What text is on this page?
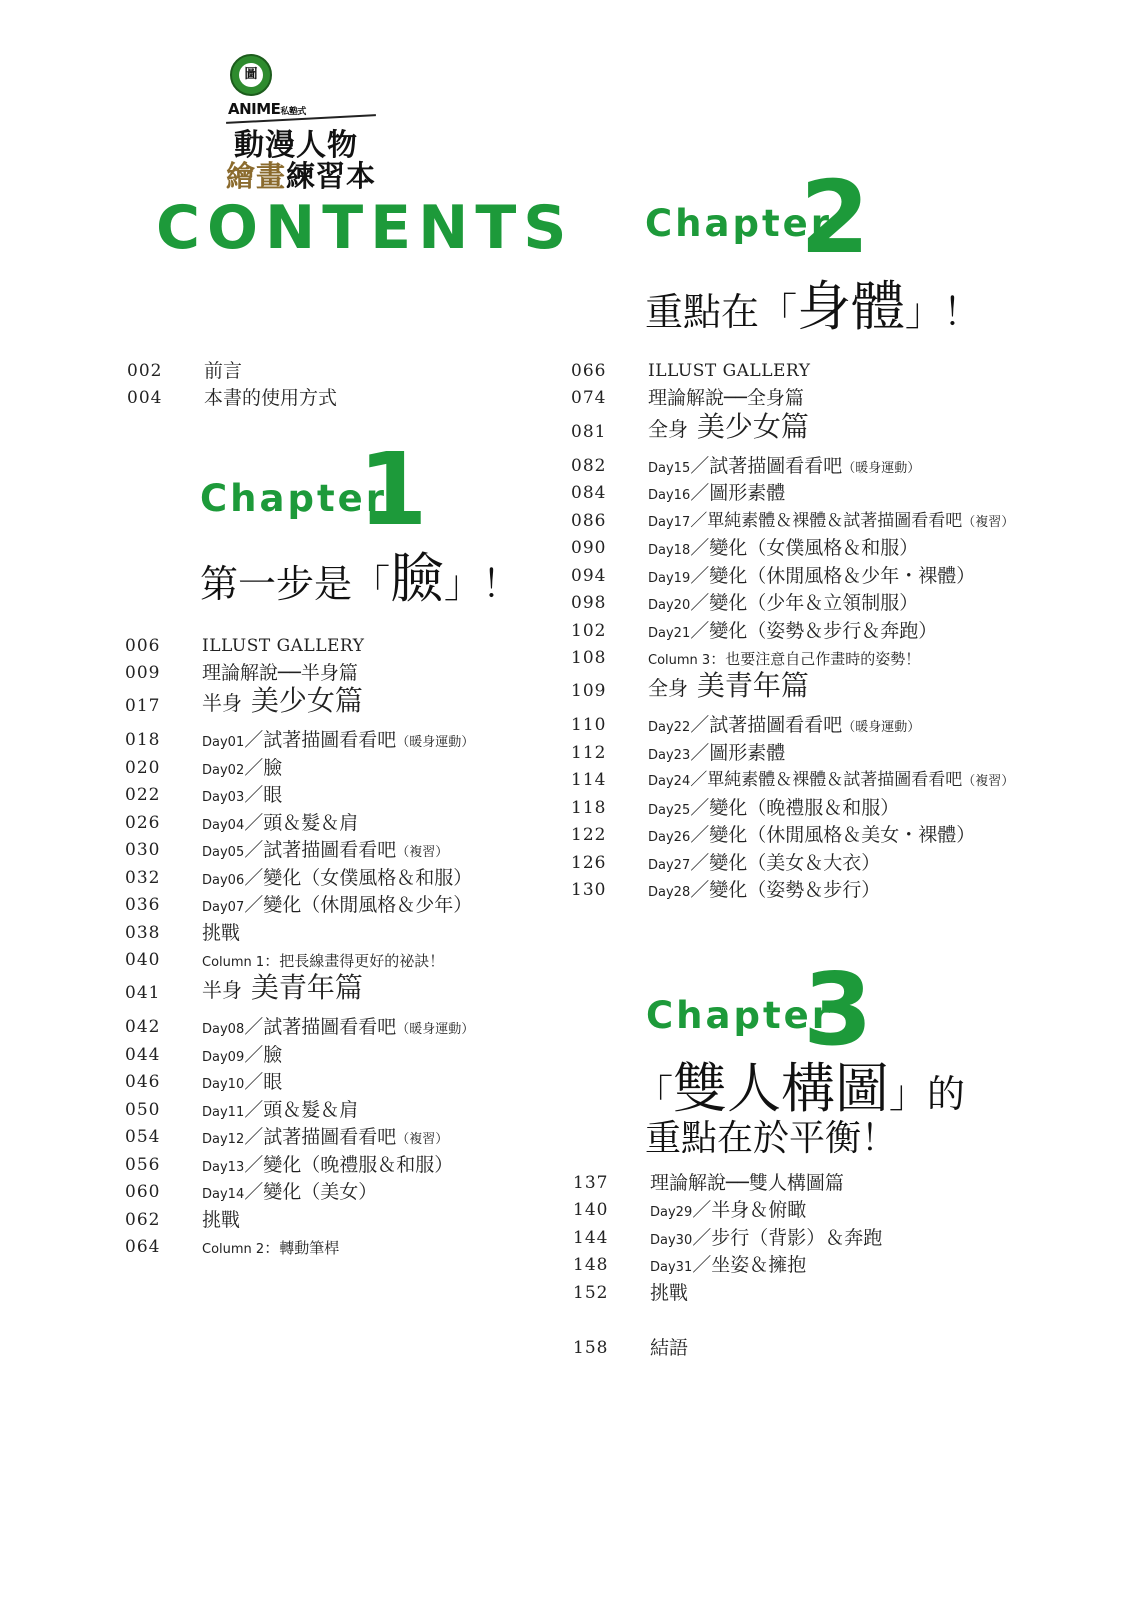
圖
ANIME私塾式
動漫人物
繪畫練習本
CONTENTS
002 前言
004 本書的使用方式
Chapter
1
第一步是「臉」！
006 ILLUST GALLERY
009 理論解說──半身篇
017 半身 美少女篇
018	Day01／試著描圖看看吧（暖身運動）
020	Day02／臉
022	Day03／眼
026	Day04／頭＆髮＆肩
030	Day05／試著描圖看看吧（複習）
032	Day06／變化（女僕風格＆和服）
036	Day07／變化（休閒風格＆少年）
038 挑戰
040	Column 1：把長線畫得更好的祕訣！
041 半身 美青年篇
042	Day08／試著描圖看看吧（暖身運動）
044	Day09／臉
046	Day10／眼
050	Day11／頭＆髮＆肩
054	Day12／試著描圖看看吧（複習）
056	Day13／變化（晚禮服＆和服）
060	Day14／變化（美女）
062 挑戰
064	Column 2：轉動筆桿
Chapter
2
重點在「身體」！
066 ILLUST GALLERY
074 理論解說──全身篇
081 全身 美少女篇
082	Day15／試著描圖看看吧（暖身運動）
084	Day16／圖形素體
086	Day17／單純素體＆裸體＆試著描圖看看吧（複習）
090	Day18／變化（女僕風格＆和服）
094	Day19／變化（休閒風格＆少年・裸體）
098	Day20／變化（少年＆立領制服）
102	Day21／變化（姿勢＆步行＆奔跑）
108	Column 3：也要注意自己作畫時的姿勢！
109 全身 美青年篇
110	Day22／試著描圖看看吧（暖身運動）
112	Day23／圖形素體
114	Day24／單純素體＆裸體＆試著描圖看看吧（複習）
118	Day25／變化（晚禮服＆和服）
122	Day26／變化（休閒風格＆美女・裸體）
126	Day27／變化（美女＆大衣）
130	Day28／變化（姿勢＆步行）
Chapter
3
「雙人構圖」的
重點在於平衡！
137 理論解說──雙人構圖篇
140	Day29／半身＆俯瞰
144	Day30／步行（背影）＆奔跑
148	Day31／坐姿＆擁抱
152 挑戰
158 結語
